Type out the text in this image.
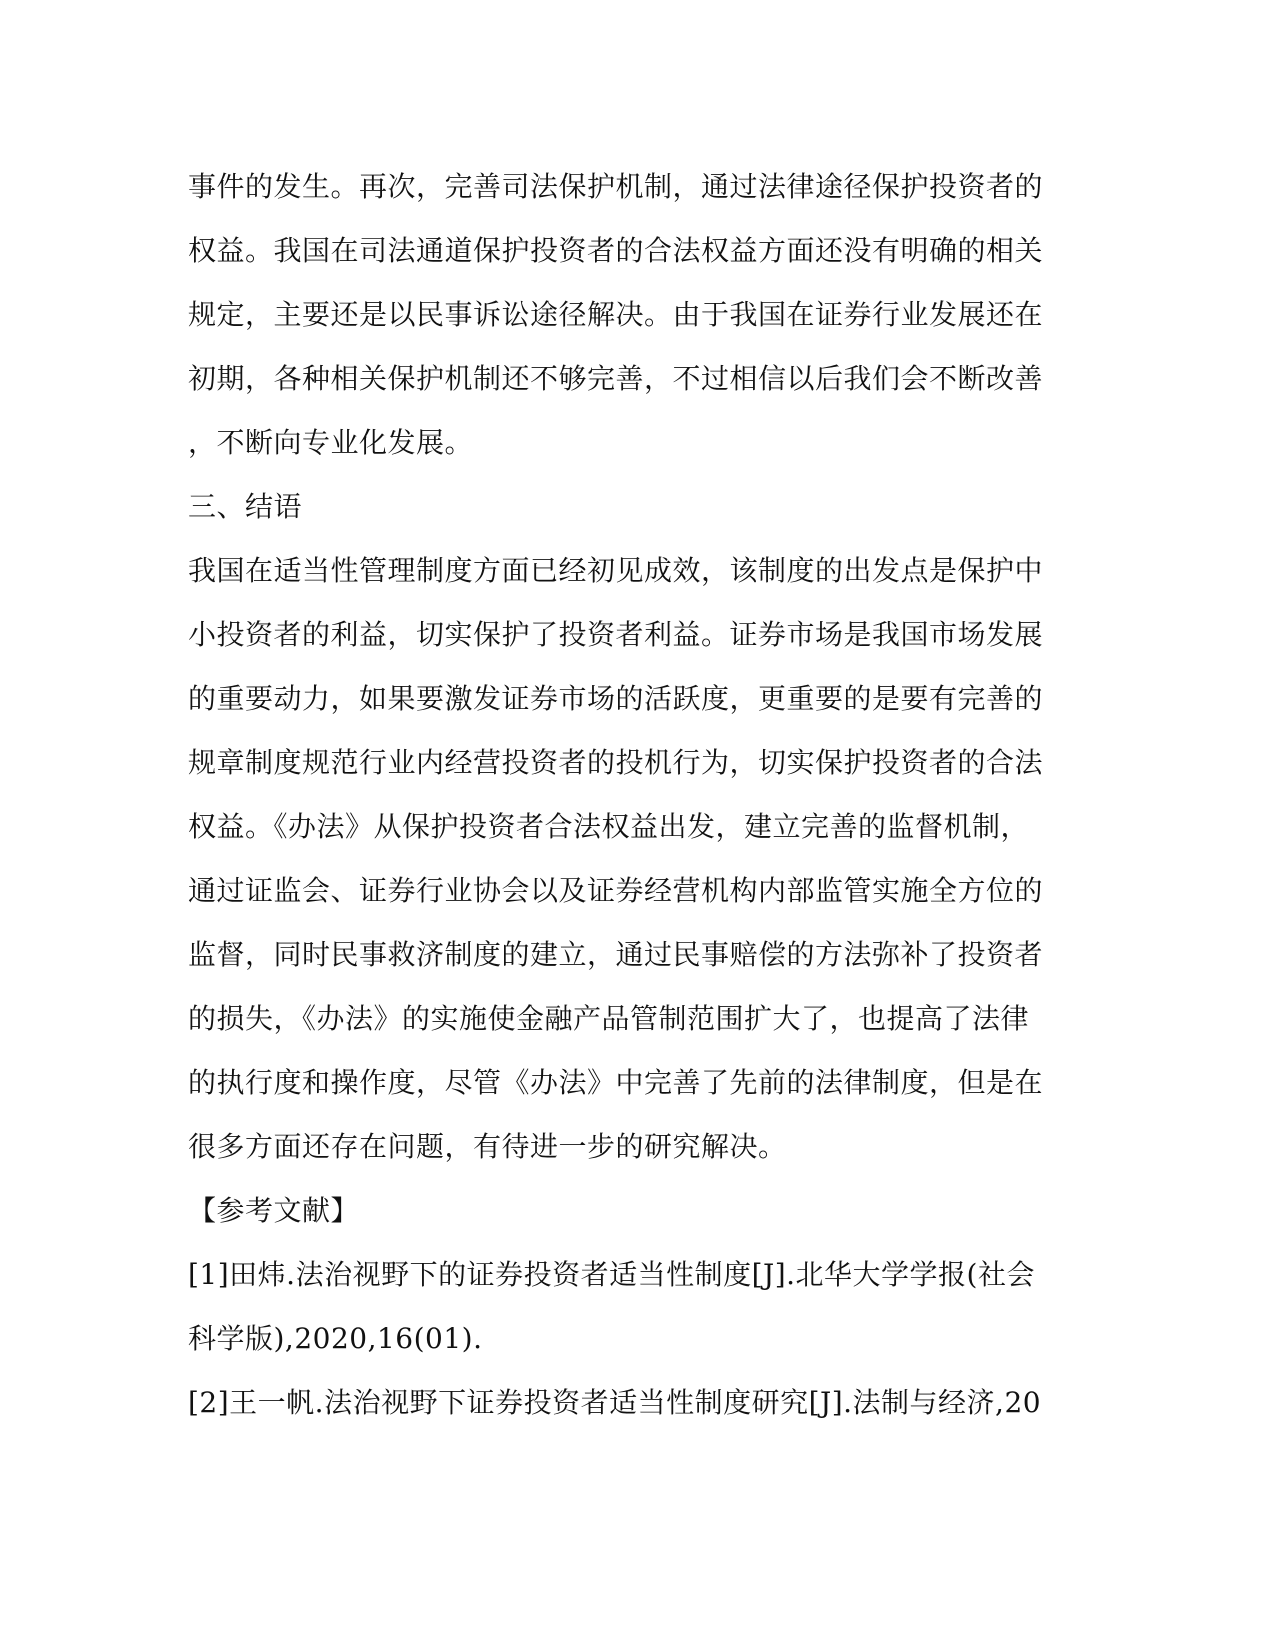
事件的发生。再次，完善司法保护机制，通过法律途径保护投资者的
权益。我国在司法通道保护投资者的合法权益方面还没有明确的相关
规定，主要还是以民事诉讼途径解决。由于我国在证券行业发展还在
初期，各种相关保护机制还不够完善，不过相信以后我们会不断改善
，不断向专业化发展。
三、结语
我国在适当性管理制度方面已经初见成效，该制度的出发点是保护中
小投资者的利益，切实保护了投资者利益。证券市场是我国市场发展
的重要动力，如果要激发证券市场的活跃度，更重要的是要有完善的
规章制度规范行业内经营投资者的投机行为，切实保护投资者的合法
权益。《办法》从保护投资者合法权益出发，建立完善的监督机制，
通过证监会、证券行业协会以及证券经营机构内部监管实施全方位的
监督，同时民事救济制度的建立，通过民事赔偿的方法弥补了投资者
的损失，《办法》的实施使金融产品管制范围扩大了，也提高了法律
的执行度和操作度，尽管《办法》中完善了先前的法律制度，但是在
很多方面还存在问题，有待进一步的研究解决。
【参考文献】
[1]田炜.法治视野下的证券投资者适当性制度[J].北华大学学报(社会
科学版),2020,16(01).
[2]王一帆.法治视野下证券投资者适当性制度研究[J].法制与经济,20
